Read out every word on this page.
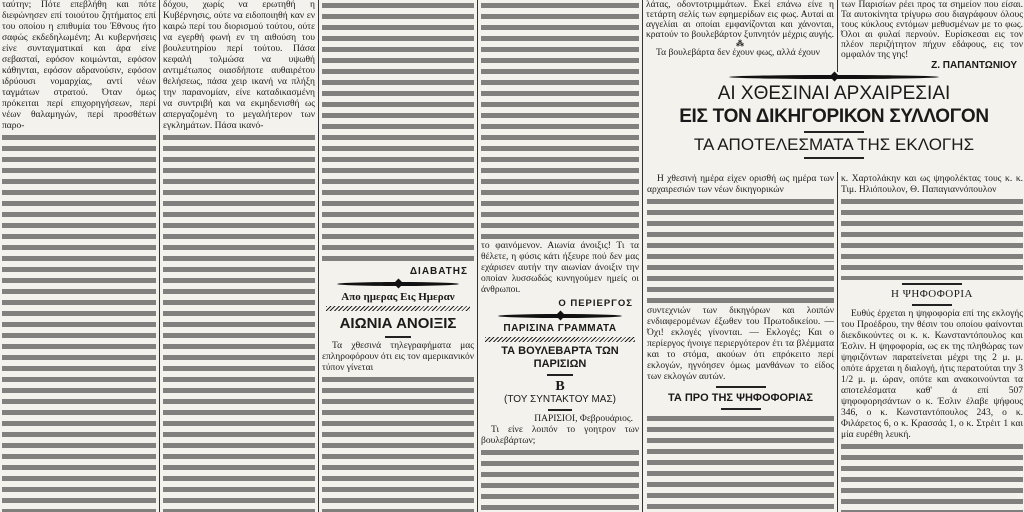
ταύτην; Πότε επεβλήθη και πότε διεφώνησεν επί τοιούτου ζητήματος επί του οποίου η επιθυμία του Έθνους ήτο σαφώς εκδεδηλωμένη; Αι κυβερνήσεις είνε συνταγματικαί και άρα είνε σεβασταί, εφόσον κοιμώνται, εφόσον κάθηνται, εφόσον αδρανούσιν, εφόσον ιδρύουσι νομαρχίας, αντί νέων ταγμάτων στρατού. Όταν όμως πρόκειται περί επιχορηγήσεων, περί νέων θαλαμηγών, περί προσθέτων παρο-

δόχου, χωρίς να ερωτηθή η Κυβέρνησις, ούτε να ειδοποιηθή καν εν καιρώ περί του διορισμού τούτου, ούτε να εγερθή φωνή εν τη αιθούση του βουλευτηρίου περί τούτου. Πάσα κεφαλή τολμώσα να υψωθή αντιμέτωπος οιασδήποτε αυθαιρέτου θελήσεως, πάσα χειρ ικανή να πλήξη την παρανομίαν, είνε καταδικασμένη να συντριβή και να εκμηδενισθή ως απεργαζομένη το μεγαλήτερον των εγκλημάτων. Πάσα ικανό-

ΔΙΑΒΑΤΗΣ
Απο ημερας Εις Ημεραν
ΑΙΩΝΙΑ ΑΝΟΙΞΙΣ

Τα χθεσινά τηλεγραφήματα μας επληροφόρουν ότι εις τον αμερικανικόν τύπον γίνεται

το φαινόμενον. Αιωνία άνοιξις! Τι τα θέλετε, η φύσις κάτι ήξευρε πού δεν μας εχάρισεν αυτήν την αιωνίαν άνοιξιν την οποίαν λυσσωδώς κυνηγούμεν ημείς οι άνθρωποι.

Ο ΠΕΡΙΕΡΓΟΣ
ΠΑΡΙΣΙΝΑ ΓΡΑΜΜΑΤΑ
ΤΑ ΒΟΥΛΕΒΑΡΤΑ ΤΩΝ ΠΑΡΙΣΙΩΝ
Β
(ΤΟΥ ΣΥΝΤΑΚΤΟΥ ΜΑΣ)

ΠΑΡΙΣΙΟΙ, Φεβρουάριος.

Τι είνε λοιπόν το γοητρον των βουλεβάρτων;

λάτας, οδοντοτριμμάτων. Εκεί επάνω είνε η τετάρτη σελίς των εφημερίδων εις φως. Αυταί αι αγγελίαι αι οποίαι εμφανίζονται και χάνονται, κρατούν το βουλεβάρτον ξυπνητόν μέχρις αυγής.

⁂

Τα βουλεβάρτα δεν έχουν φως, αλλά έχουν

των Παρισίων ρέει προς τα σημείον που είσαι. Τα αυτοκίνητα τρίγυρω σου διαγράφουν όλους τους κύκλους εντόμων μεθυσμένων με το φως. Όλοι αι φυλαί περνούν. Ευρίσκεσαι εις τον πλέον περιζήτητον πήχυν εδάφους, εις τον ομφαλόν της γης!

Ζ. ΠΑΠΑΝΤΩΝΙΟΥ
ΑΙ ΧΘΕΣΙΝΑΙ ΑΡΧΑΙΡΕΣΙΑΙ
ΕΙΣ ΤΟΝ ΔΙΚΗΓΟΡΙΚΟΝ ΣΥΛΛΟΓΟΝ
ΤΑ ΑΠΟΤΕΛΕΣΜΑΤΑ ΤΗΣ ΕΚΛΟΓΗΣ

Η χθεσινή ημέρα είχεν ορισθή ως ημέρα των αρχαιρεσιών των νέων δικηγορικών

συντεχνιών των δικηγόρων και λοιπών ενδιαφερομένων έξωθεν του Πρωτοδικείου. — Όχι! εκλογές γίνονται. — Εκλογές; Και ο περίεργος ήνοιγε περιεργότερον έτι τα βλέμματα και το στόμα, ακούων ότι επρόκειτο περί εκλογών, ηγνόησεν όμως μανθάνων το είδος των εκλογών αυτών.

ΤΑ ΠΡΟ ΤΗΣ ΨΗΦΟΦΟΡΙΑΣ

κ. Χαρτολάκην και ως ψηφολέκτας τους κ. κ. Τιμ. Ηλιόπουλον, Θ. Παπαγιαννόπουλον

Η ΨΗΦΟΦΟΡΙΑ

Ευθύς έρχεται η ψηφοφορία επί της εκλογής του Προέδρου, την θέσιν του οποίου φαίνονται διεκδικούντες οι κ. κ. Κωνσταντόπουλος και Έσλιν. Η ψηφοφορία, ως εκ της πληθώρας των ψηφιζόντων παρατείνεται μέχρι της 2 μ. μ. οπότε άρχεται η διαλογή, ήτις περατούται την 3 1/2 μ. μ. ώραν, οπότε και ανακοινούνται τα αποτελέσματα καθ' ά επί 507 ψηφοφορησάντων ο κ. Έσλιν έλαβε ψήφους 346, ο κ. Κωνσταντόπουλος 243, ο κ. Φιλάρετος 6, ο κ. Κρασσάς 1, ο κ. Στρέιτ 1 και μία ευρέθη λευκή.
